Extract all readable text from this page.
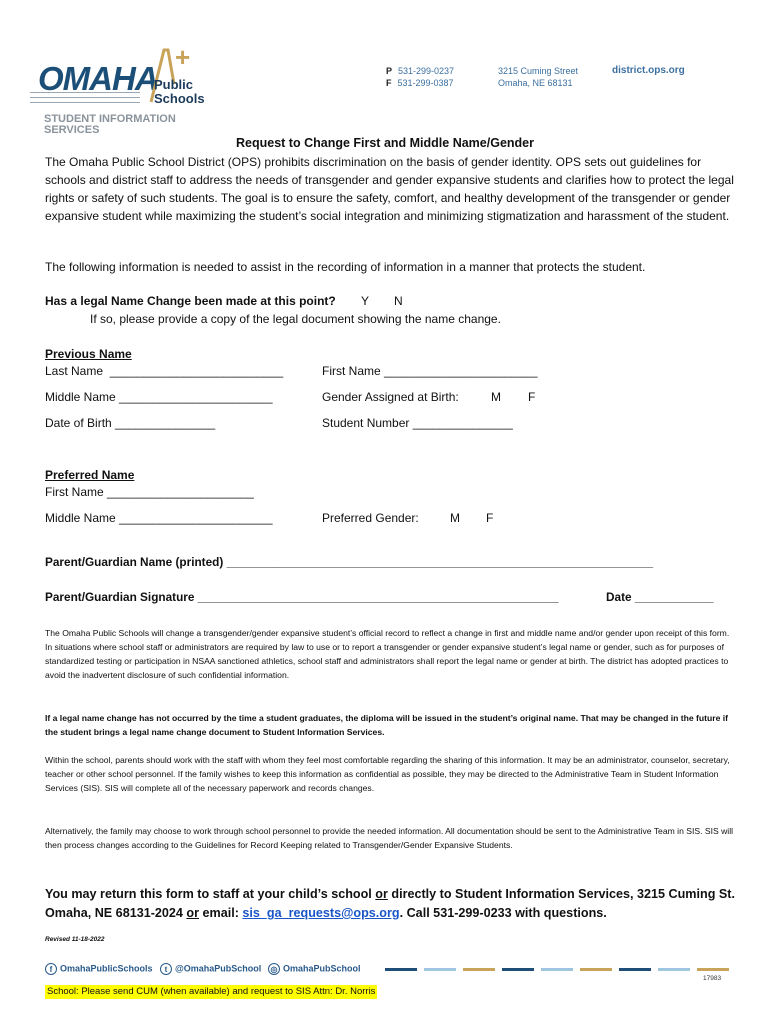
OMAHA
+
Public
Schools
STUDENT INFORMATION
SERVICES
P 531-299-0237
F 531-299-0387
3215 Cuming Street
Omaha, NE 68131
district.ops.org
Request to Change First and Middle Name/Gender
The Omaha Public School District (OPS) prohibits discrimination on the basis of gender identity. OPS sets out guidelines for schools and district staff to address the needs of transgender and gender expansive students and clarifies how to protect the legal rights or safety of such students. The goal is to ensure the safety, comfort, and healthy development of the transgender or gender expansive student while maximizing the student’s social integration and minimizing stigmatization and harassment of the student.
The following information is needed to assist in the recording of information in a manner that protects the student.
Has a legal Name Change been made at this point? Y N
If so, please provide a copy of the legal document showing the name change.
Previous Name
Last Name  __________________________	First Name _______________________
Middle Name _______________________	Gender Assigned at Birth:	M F
Date of Birth _______________	Student Number _______________
Preferred Name
First Name ______________________
Middle Name _______________________	Preferred Gender:	M F
Parent/Guardian Name (printed) _________________________________________________________________
Parent/Guardian Signature _______________________________________________________	Date ____________
The Omaha Public Schools will change a transgender/gender expansive student’s official record to reflect a change in first and middle name and/or gender upon receipt of this form. In situations where school staff or administrators are required by law to use or to report a transgender or gender expansive student’s legal name or gender, such as for purposes of standardized testing or participation in NSAA sanctioned athletics, school staff and administrators shall report the legal name or gender at birth. The district has adopted practices to avoid the inadvertent disclosure of such confidential information.
If a legal name change has not occurred by the time a student graduates, the diploma will be issued in the student’s original name. That may be changed in the future if the student brings a legal name change document to Student Information Services.
Within the school, parents should work with the staff with whom they feel most comfortable regarding the sharing of this information. It may be an administrator, counselor, secretary, teacher or other school personnel. If the family wishes to keep this information as confidential as possible, they may be directed to the Administrative Team in Student Information Services (SIS). SIS will complete all of the necessary paperwork and records changes.
Alternatively, the family may choose to work through school personnel to provide the needed information. All documentation should be sent to the Administrative Team in SIS. SIS will then process changes according to the Guidelines for Record Keeping related to Transgender/Gender Expansive Students.
You may return this form to staff at your child’s school or directly to Student Information Services, 3215 Cuming St. Omaha, NE 68131-2024 or email: sis_ga_requests@ops.org. Call 531-299-0233 with questions.
Revised 11-18-2022
f OmahaPublicSchools	t @OmahaPubSchool	◎ OmahaPubSchool
17983
School: Please send CUM (when available) and request to SIS Attn: Dr. Norris
